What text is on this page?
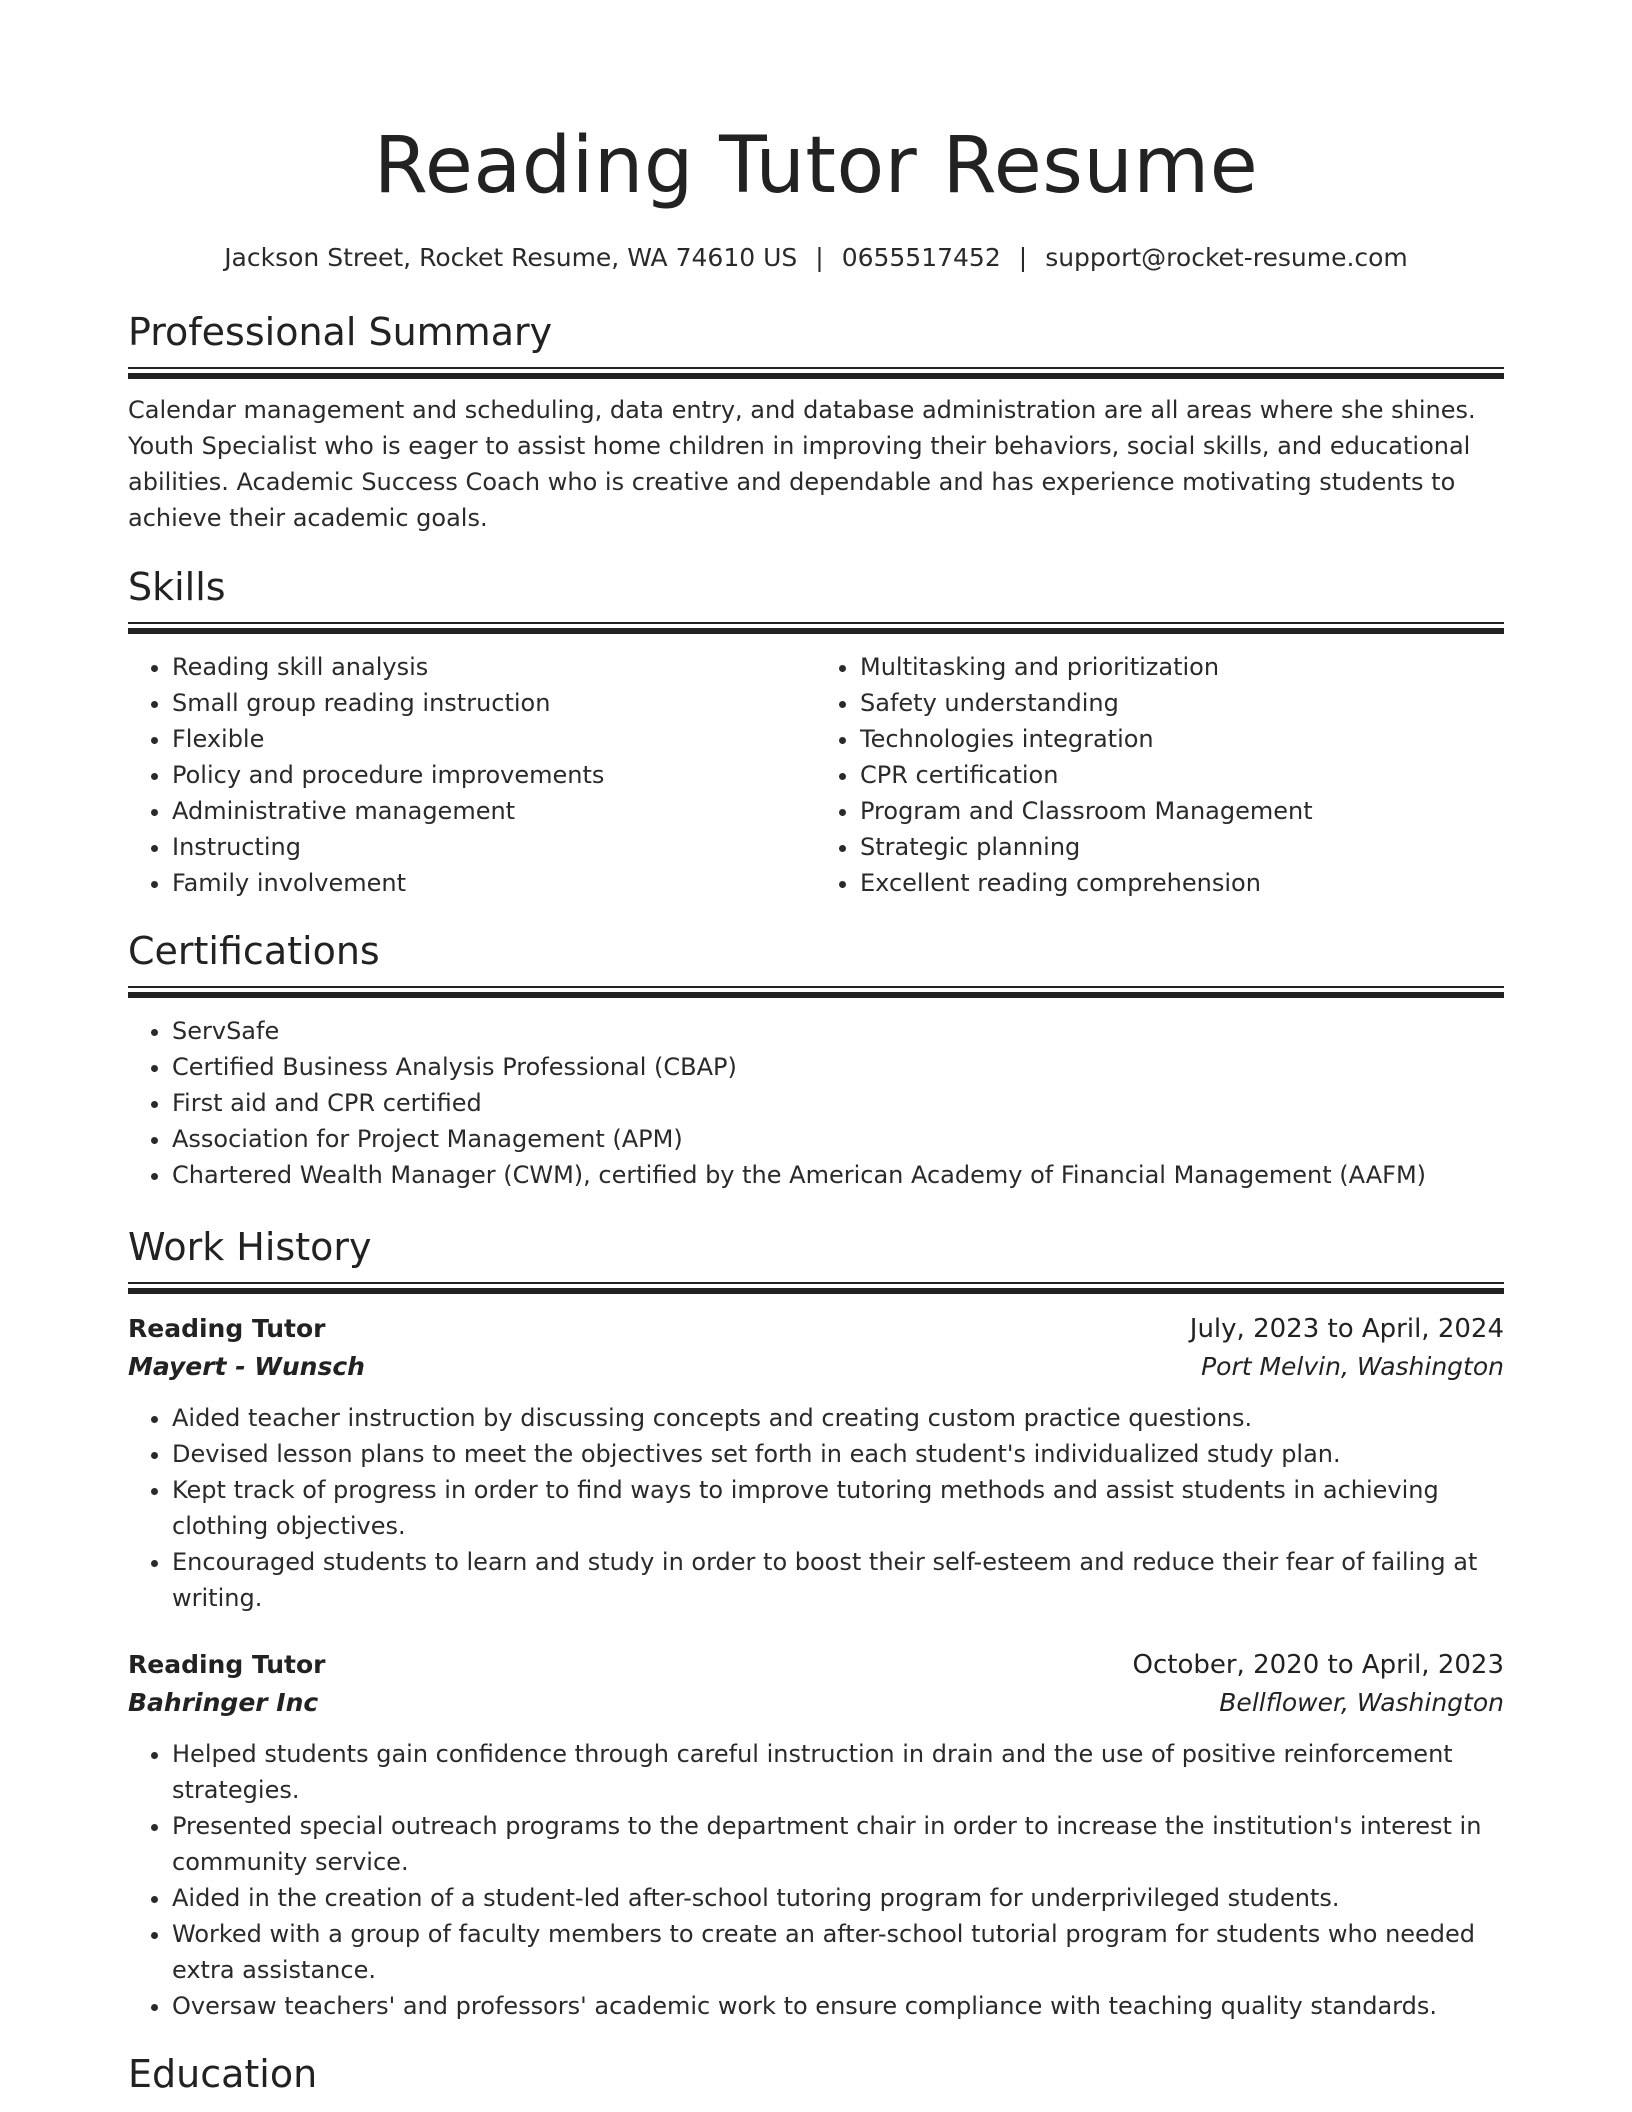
Reading Tutor Resume
Jackson Street, Rocket Resume, WA 74610 US | 0655517452 | support@rocket-resume.com
Professional Summary

Calendar management and scheduling, data entry, and database administration are all areas where she shines. Youth Specialist who is eager to assist home children in improving their behaviors, social skills, and educational abilities. Academic Success Coach who is creative and dependable and has experience motivating students to achieve their academic goals.

Skills
• Reading skill analysis
• Small group reading instruction
• Flexible
• Policy and procedure improvements
• Administrative management
• Instructing
• Family involvement
• Multitasking and prioritization
• Safety understanding
• Technologies integration
• CPR certification
• Program and Classroom Management
• Strategic planning
• Excellent reading comprehension
Certifications
• ServSafe
• Certified Business Analysis Professional (CBAP)
• First aid and CPR certified
• Association for Project Management (APM)
• Chartered Wealth Manager (CWM), certified by the American Academy of Financial Management (AAFM)
Work History
Reading Tutor	July, 2023 to April, 2024
Mayert - Wunsch	Port Melvin, Washington
• Aided teacher instruction by discussing concepts and creating custom practice questions.
• Devised lesson plans to meet the objectives set forth in each student's individualized study plan.
• Kept track of progress in order to find ways to improve tutoring methods and assist students in achieving clothing objectives.
• Encouraged students to learn and study in order to boost their self-esteem and reduce their fear of failing at writing.
Reading Tutor	October, 2020 to April, 2023
Bahringer Inc	Bellflower, Washington
• Helped students gain confidence through careful instruction in drain and the use of positive reinforcement strategies.
• Presented special outreach programs to the department chair in order to increase the institution's interest in community service.
• Aided in the creation of a student-led after-school tutoring program for underprivileged students.
• Worked with a group of faculty members to create an after-school tutorial program for students who needed extra assistance.
• Oversaw teachers' and professors' academic work to ensure compliance with teaching quality standards.
Education
